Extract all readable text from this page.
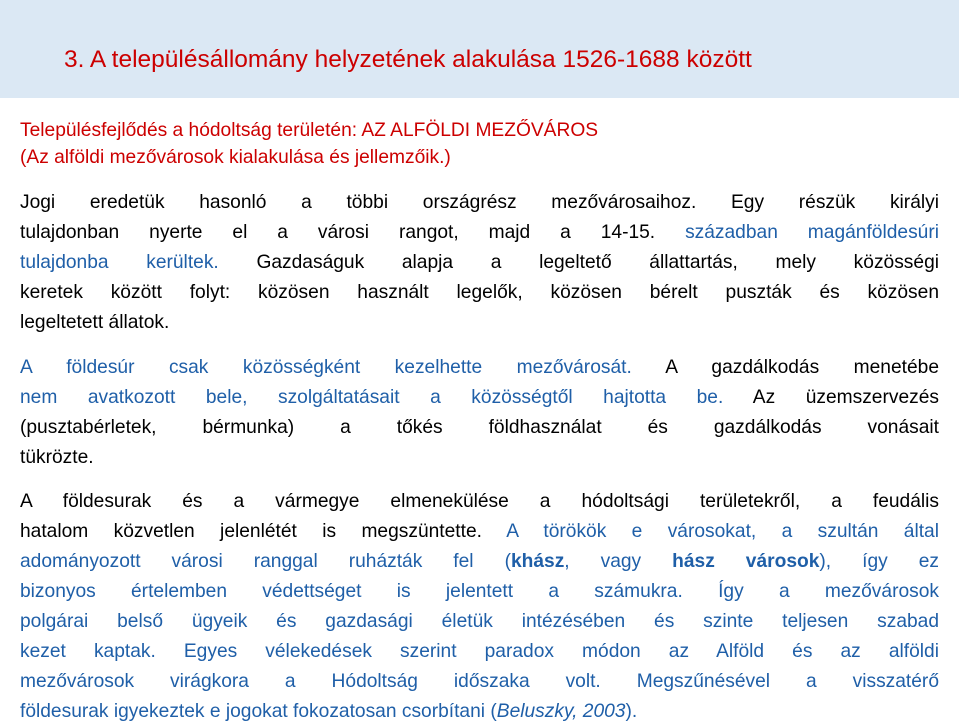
3. A településállomány helyzetének alakulása 1526-1688 között
Településfejlődés a hódoltság területén: AZ ALFÖLDI MEZŐVÁROS
(Az alföldi mezővárosok kialakulása és jellemzőik.)
Jogi eredetük hasonló a többi országrész mezővárosaihoz. Egy részük királyi
tulajdonban nyerte el a városi rangot, majd a 14-15. században magánföldesúri
tulajdonba kerültek. Gazdaságuk alapja a legeltető állattartás, mely közösségi
keretek között folyt: közösen használt legelők, közösen bérelt puszták és közösen
legeltetett állatok.
A földesúr csak közösségként kezelhette mezővárosát. A gazdálkodás menetébe
nem avatkozott bele, szolgáltatásait a közösségtől hajtotta be. Az üzemszervezés
(pusztabérletek, bérmunka) a tőkés földhasználat és gazdálkodás vonásait
tükrözte.
A földesurak és a vármegye elmenekülése a hódoltsági területekről, a feudális
hatalom közvetlen jelenlétét is megszüntette. A törökök e városokat, a szultán által
adományozott városi ranggal ruházták fel (khász, vagy hász városok), így ez
bizonyos értelemben védettséget is jelentett a számukra. Így a mezővárosok
polgárai belső ügyeik és gazdasági életük intézésében és szinte teljesen szabad
kezet kaptak. Egyes vélekedések szerint paradox módon az Alföld és az alföldi
mezővárosok virágkora a Hódoltság időszaka volt. Megszűnésével a visszatérő
földesurak igyekeztek e jogokat fokozatosan csorbítani (Beluszky, 2003).
